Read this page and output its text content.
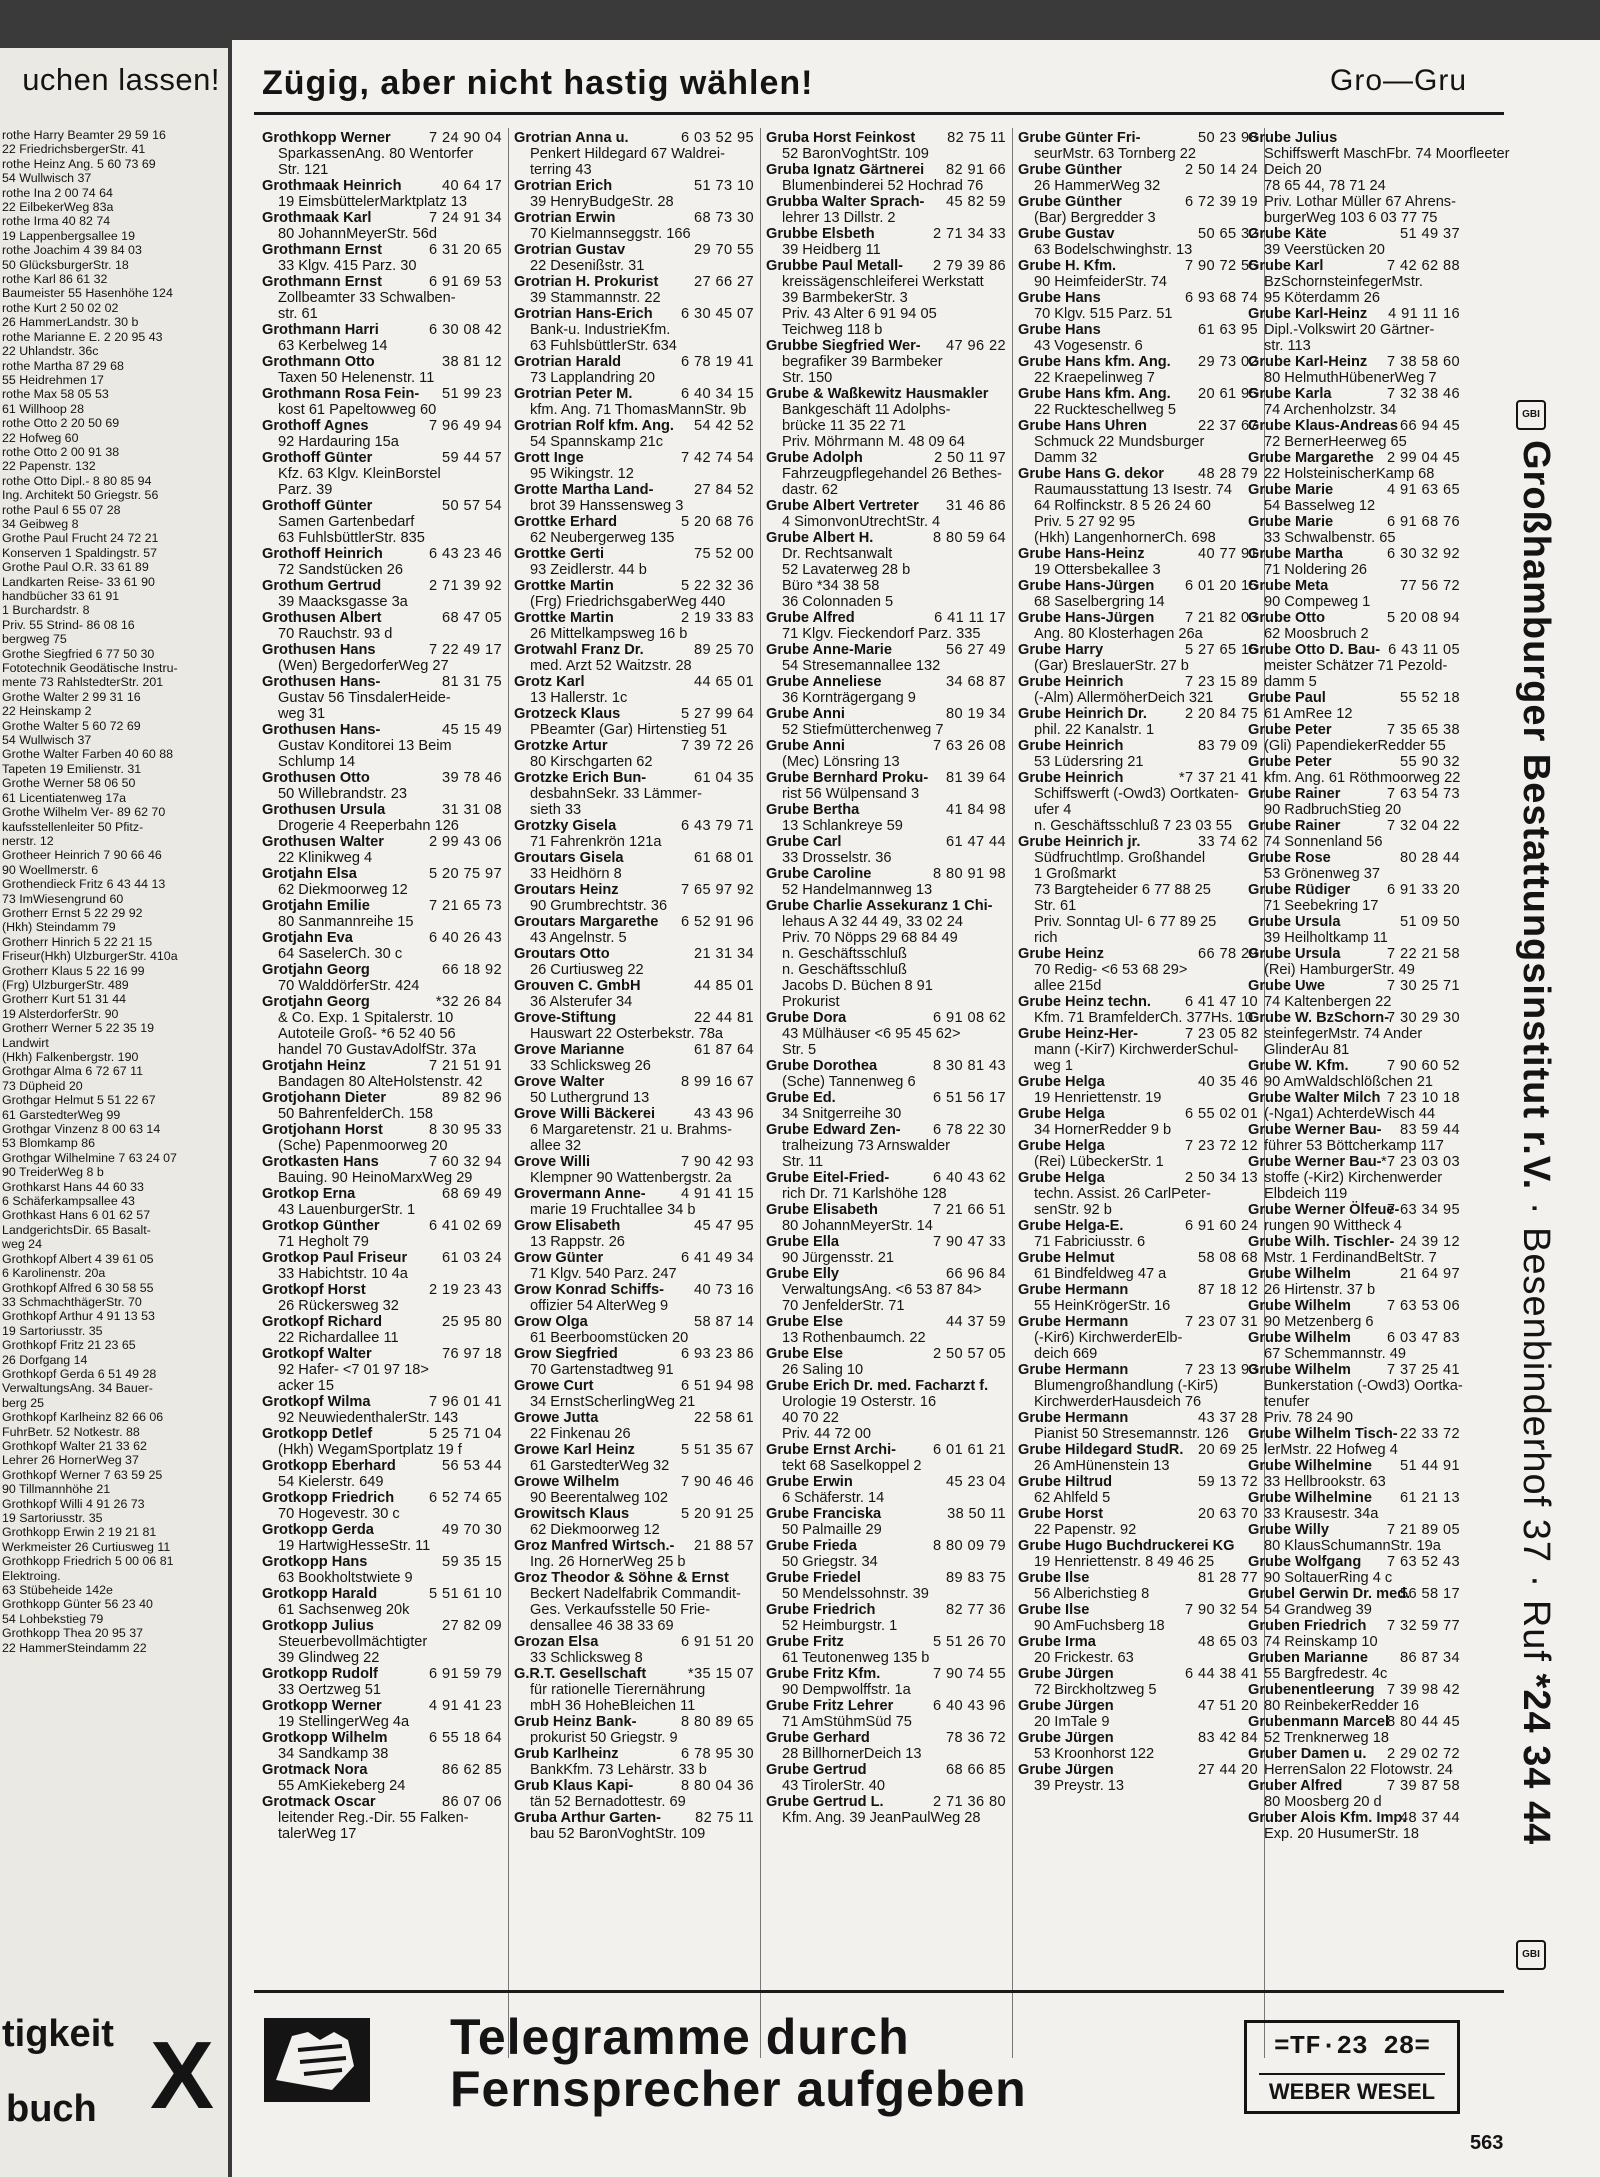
uchen lassen!
rothe Harry Beamter 29 59 16
22 FriedrichsbergerStr. 41
rothe Heinz Ang. 5 60 73 69
54 Wullwisch 37
rothe Ina 2 00 74 64
22 EilbekerWeg 83a
rothe Irma 40 82 74
19 Lappenbergsallee 19
rothe Joachim 4 39 84 03
50 GlücksburgerStr. 18
rothe Karl 86 61 32
Baumeister 55 Hasenhöhe 124
rothe Kurt 2 50 02 02
26 HammerLandstr. 30 b
rothe Marianne E. 2 20 95 43
22 Uhlandstr. 36c
rothe Martha 87 29 68
55 Heidrehmen 17
rothe Max 58 05 53
61 Willhoop 28
rothe Otto 2 20 50 69
22 Hofweg 60
rothe Otto 2 00 91 38
22 Papenstr. 132
rothe Otto Dipl.- 8 80 85 94
Ing. Architekt 50 Griegstr. 56
rothe Paul 6 55 07 28
34 Geibweg 8
Grothe Paul Frucht 24 72 21
Konserven 1 Spaldingstr. 57
Grothe Paul O.R. 33 61 89
Landkarten Reise- 33 61 90
handbücher 33 61 91
1 Burchardstr. 8
Priv. 55 Strind- 86 08 16
bergweg 75
Grothe Siegfried 6 77 50 30
Fototechnik Geodätische Instru-
mente 73 RahlstedterStr. 201
Grothe Walter 2 99 31 16
22 Heinskamp 2
Grothe Walter 5 60 72 69
54 Wullwisch 37
Grothe Walter Farben 40 60 88
Tapeten 19 Emilienstr. 31
Grothe Werner 58 06 50
61 Licentiatenweg 17a
Grothe Wilhelm Ver- 89 62 70
kaufsstellenleiter 50 Pfitz-
nerstr. 12
Grotheer Heinrich 7 90 66 46
90 Woellmerstr. 6
Grothendieck Fritz 6 43 44 13
73 ImWiesengrund 60
Grotherr Ernst 5 22 29 92
(Hkh) Steindamm 79
Grotherr Hinrich 5 22 21 15
Friseur(Hkh) UlzburgerStr. 410a
Grotherr Klaus 5 22 16 99
(Frg) UlzburgerStr. 489
Grotherr Kurt 51 31 44
19 AlsterdorferStr. 90
Grotherr Werner 5 22 35 19
Landwirt
(Hkh) Falkenbergstr. 190
Grothgar Alma 6 72 67 11
73 Düpheid 20
Grothgar Helmut 5 51 22 67
61 GarstedterWeg 99
Grothgar Vinzenz 8 00 63 14
53 Blomkamp 86
Grothgar Wilhelmine 7 63 24 07
90 TreiderWeg 8 b
Grothkarst Hans 44 60 33
6 Schäferkampsallee 43
Grothkast Hans 6 01 62 57
LandgerichtsDir. 65 Basalt-
weg 24
Grothkopf Albert 4 39 61 05
6 Karolinenstr. 20a
Grothkopf Alfred 6 30 58 55
33 SchmachthägerStr. 70
Grothkopf Arthur 4 91 13 53
19 Sartoriusstr. 35
Grothkopf Fritz 21 23 65
26 Dorfgang 14
Grothkopf Gerda 6 51 49 28
VerwaltungsAng. 34 Bauer-
berg 25
Grothkopf Karlheinz 82 66 06
FuhrBetr. 52 Notkestr. 88
Grothkopf Walter 21 33 62
Lehrer 26 HornerWeg 37
Grothkopf Werner 7 63 59 25
90 Tillmannhöhe 21
Grothkopf Willi 4 91 26 73
19 Sartoriusstr. 35
Grothkopp Erwin 2 19 21 81
Werkmeister 26 Curtiusweg 11
Grothkopp Friedrich 5 00 06 81
Elektroing.
63 Stübeheide 142e
Grothkopp Günter 56 23 40
54 Lohbekstieg 79
Grothkopp Thea 20 95 37
22 HammerSteindamm 22
tigkeit
buch X
Zügig, aber nicht hastig wählen!	Gro—Gru
7 24 90 04
Grothkopp Werner
SparkassenAng. 80 Wentorfer
Str. 121
40 64 17
Grothmaak Heinrich
19 EimsbüttelerMarktplatz 13
7 24 91 34
Grothmaak Karl
80 JohannMeyerStr. 56d
6 31 20 65
Grothmann Ernst
33 Klgv. 415 Parz. 30
6 91 69 53
Grothmann Ernst
Zollbeamter 33 Schwalben-
str. 61
6 30 08 42
Grothmann Harri
63 Kerbelweg 14
38 81 12
Grothmann Otto
Taxen 50 Helenenstr. 11
51 99 23
Grothmann Rosa Fein-
kost 61 Papeltowweg 60
7 96 49 94
Grothoff Agnes
92 Hardauring 15a
59 44 57
Grothoff Günter
Kfz. 63 Klgv. KleinBorstel
Parz. 39
50 57 54
Grothoff Günter
Samen Gartenbedarf
63 FuhlsbüttlerStr. 835
6 43 23 46
Grothoff Heinrich
72 Sandstücken 26
2 71 39 92
Grothum Gertrud
39 Maacksgasse 3a
68 47 05
Grothusen Albert
70 Rauchstr. 93 d
7 22 49 17
Grothusen Hans
(Wen) BergedorferWeg 27
81 31 75
Grothusen Hans-
Gustav 56 TinsdalerHeide-
weg 31
45 15 49
Grothusen Hans-
Gustav Konditorei 13 Beim
Schlump 14
39 78 46
Grothusen Otto
50 Willebrandstr. 23
31 31 08
Grothusen Ursula
Drogerie 4 Reeperbahn 126
2 99 43 06
Grothusen Walter
22 Klinikweg 4
5 20 75 97
Grotjahn Elsa
62 Diekmoorweg 12
7 21 65 73
Grotjahn Emilie
80 Sanmannreihe 15
6 40 26 43
Grotjahn Eva
64 SaselerCh. 30 c
66 18 92
Grotjahn Georg
70 WalddörferStr. 424
*32 26 84
Grotjahn Georg
& Co. Exp. 1 Spitalerstr. 10
Autoteile Groß- *6 52 40 56
handel 70 GustavAdolfStr. 37a
7 21 51 91
Grotjahn Heinz
Bandagen 80 AlteHolstenstr. 42
89 82 96
Grotjohann Dieter
50 BahrenfelderCh. 158
8 30 95 33
Grotjohann Horst
(Sche) Papenmoorweg 20
7 60 32 94
Grotkasten Hans
Bauing. 90 HeinoMarxWeg 29
68 69 49
Grotkop Erna
43 LauenburgerStr. 1
6 41 02 69
Grotkop Günther
71 Hegholt 79
61 03 24
Grotkop Paul Friseur
33 Habichtstr. 10 4a
2 19 23 43
Grotkopf Horst
26 Rückersweg 32
25 95 80
Grotkopf Richard
22 Richardallee 11
76 97 18
Grotkopf Walter
92 Hafer- <7 01 97 18>
acker 15
7 96 01 41
Grotkopf Wilma
92 NeuwiedenthalerStr. 143
5 25 71 04
Grotkopp Detlef
(Hkh) WegamSportplatz 19 f
56 53 44
Grotkopp Eberhard
54 Kielerstr. 649
6 52 74 65
Grotkopp Friedrich
70 Hogevestr. 30 c
49 70 30
Grotkopp Gerda
19 HartwigHesseStr. 11
59 35 15
Grotkopp Hans
63 Bookholtstwiete 9
5 51 61 10
Grotkopp Harald
61 Sachsenweg 20k
27 82 09
Grotkopp Julius
Steuerbevollmächtigter
39 Glindweg 22
6 91 59 79
Grotkopp Rudolf
33 Oertzweg 51
4 91 41 23
Grotkopp Werner
19 StellingerWeg 4a
6 55 18 64
Grotkopp Wilhelm
34 Sandkamp 38
86 62 85
Grotmack Nora
55 AmKiekeberg 24
86 07 06
Grotmack Oscar
leitender Reg.-Dir. 55 Falken-
talerWeg 17
6 03 52 95
Grotrian Anna u.
Penkert Hildegard 67 Waldrei-
terring 43
51 73 10
Grotrian Erich
39 HenryBudgeStr. 28
68 73 30
Grotrian Erwin
70 Kielmannseggstr. 166
29 70 55
Grotrian Gustav
22 Desenißstr. 31
27 66 27
Grotrian H. Prokurist
39 Stammannstr. 22
6 30 45 07
Grotrian Hans-Erich
Bank-u. IndustrieKfm.
63 FuhlsbüttlerStr. 634
6 78 19 41
Grotrian Harald
73 Lapplandring 20
6 40 34 15
Grotrian Peter M.
kfm. Ang. 71 ThomasMannStr. 9b
54 42 52
Grotrian Rolf kfm. Ang.
54 Spannskamp 21c
7 42 74 54
Grott Inge
95 Wikingstr. 12
27 84 52
Grotte Martha Land-
brot 39 Hanssensweg 3
5 20 68 76
Grottke Erhard
62 Neubergerweg 135
75 52 00
Grottke Gerti
93 Zeidlerstr. 44 b
5 22 32 36
Grottke Martin
(Frg) FriedrichsgaberWeg 440
2 19 33 83
Grottke Martin
26 Mittelkampsweg 16 b
89 25 70
Grotwahl Franz Dr.
med. Arzt 52 Waitzstr. 28
44 65 01
Grotz Karl
13 Hallerstr. 1c
5 27 99 64
Grotzeck Klaus
PBeamter (Gar) Hirtenstieg 51
7 39 72 26
Grotzke Artur
80 Kirschgarten 62
61 04 35
Grotzke Erich Bun-
desbahnSekr. 33 Lämmer-
sieth 33
6 43 79 71
Grotzky Gisela
71 Fahrenkrön 121a
61 68 01
Groutars Gisela
33 Heidhörn 8
7 65 97 92
Groutars Heinz
90 Grumbrechtstr. 36
6 52 91 96
Groutars Margarethe
43 Angelnstr. 5
21 31 34
Groutars Otto
26 Curtiusweg 22
44 85 01
Grouven C. GmbH
36 Alsterufer 34
22 44 81
Grove-Stiftung
Hauswart 22 Osterbekstr. 78a
61 87 64
Grove Marianne
33 Schlicksweg 26
8 99 16 67
Grove Walter
50 Luthergrund 13
43 43 96
Grove Willi Bäckerei
6 Margaretenstr. 21 u. Brahms-
allee 32
7 90 42 93
Grove Willi
Klempner 90 Wattenbergstr. 2a
4 91 41 15
Grovermann Anne-
marie 19 Fruchtallee 34 b
45 47 95
Grow Elisabeth
13 Rappstr. 26
6 41 49 34
Grow Günter
71 Klgv. 540 Parz. 247
40 73 16
Grow Konrad Schiffs-
offizier 54 AlterWeg 9
58 87 14
Grow Olga
61 Beerboomstücken 20
6 93 23 86
Grow Siegfried
70 Gartenstadtweg 91
6 51 94 98
Growe Curt
34 ErnstScherlingWeg 21
22 58 61
Growe Jutta
22 Finkenau 26
5 51 35 67
Growe Karl Heinz
61 GarstedterWeg 32
7 90 46 46
Growe Wilhelm
90 Beerentalweg 102
5 20 91 25
Growitsch Klaus
62 Diekmoorweg 12
21 88 57
Groz Manfred Wirtsch.-
Ing. 26 HornerWeg 25 b
Groz Theodor & Söhne & Ernst
Beckert Nadelfabrik Commandit-
Ges. Verkaufsstelle 50 Frie-
densallee 46 38 33 69
6 91 51 20
Grozan Elsa
33 Schlicksweg 8
*35 15 07
G.R.T. Gesellschaft
für rationelle Tierernährung
mbH 36 HoheBleichen 11
8 80 89 65
Grub Heinz Bank-
prokurist 50 Griegstr. 9
6 78 95 30
Grub Karlheinz
BankKfm. 73 Lehärstr. 33 b
8 80 04 36
Grub Klaus Kapi-
tän 52 Bernadottestr. 69
82 75 11
Gruba Arthur Garten-
bau 52 BaronVoghtStr. 109
82 75 11
Gruba Horst Feinkost
52 BaronVoghtStr. 109
82 91 66
Gruba Ignatz Gärtnerei
Blumenbinderei 52 Hochrad 76
45 82 59
Grubba Walter Sprach-
lehrer 13 Dillstr. 2
2 71 34 33
Grubbe Elsbeth
39 Heidberg 11
2 79 39 86
Grubbe Paul Metall-
kreissägenschleiferei Werkstatt
39 BarmbekerStr. 3
Priv. 43 Alter 6 91 94 05
Teichweg 118 b
47 96 22
Grubbe Siegfried Wer-
begrafiker 39 Barmbeker
Str. 150
Grube & Waßkewitz Hausmakler
Bankgeschäft 11 Adolphs-
brücke 11 35 22 71
Priv. Möhrmann M. 48 09 64
2 50 11 97
Grube Adolph
Fahrzeugpflegehandel 26 Bethes-
dastr. 62
31 46 86
Grube Albert Vertreter
4 SimonvonUtrechtStr. 4
8 80 59 64
Grube Albert H.
Dr. Rechtsanwalt
52 Lavaterweg 28 b
Büro *34 38 58
36 Colonnaden 5
6 41 11 17
Grube Alfred
71 Klgv. Fieckendorf Parz. 335
56 27 49
Grube Anne-Marie
54 Stresemannallee 132
34 68 87
Grube Anneliese
36 Kornträgergang 9
80 19 34
Grube Anni
52 Stiefmütterchenweg 7
7 63 26 08
Grube Anni
(Mec) Lönsring 13
81 39 64
Grube Bernhard Proku-
rist 56 Wülpensand 3
41 84 98
Grube Bertha
13 Schlankreye 59
61 47 44
Grube Carl
33 Drosselstr. 36
8 80 91 98
Grube Caroline
52 Handelmannweg 13
Grube Charlie Assekuranz 1 Chi-
lehaus A 32 44 49, 33 02 24
Priv. 70 Nöpps 29 68 84 49
n. Geschäftsschluß
n. Geschäftsschluß
Jacobs D. Büchen 8 91
Prokurist
6 91 08 62
Grube Dora
43 Mülhäuser <6 95 45 62>
Str. 5
8 30 81 43
Grube Dorothea
(Sche) Tannenweg 6
6 51 56 17
Grube Ed.
34 Snitgerreihe 30
6 78 22 30
Grube Edward Zen-
tralheizung 73 Arnswalder
Str. 11
6 40 43 62
Grube Eitel-Fried-
rich Dr. 71 Karlshöhe 128
7 21 66 51
Grube Elisabeth
80 JohannMeyerStr. 14
7 90 47 33
Grube Ella
90 Jürgensstr. 21
66 96 84
Grube Elly
VerwaltungsAng. <6 53 87 84>
70 JenfelderStr. 71
44 37 59
Grube Else
13 Rothenbaumch. 22
2 50 57 05
Grube Else
26 Saling 10
Grube Erich Dr. med. Facharzt f.
Urologie 19 Osterstr. 16
40 70 22
Priv. 44 72 00
6 01 61 21
Grube Ernst Archi-
tekt 68 Saselkoppel 2
45 23 04
Grube Erwin
6 Schäferstr. 14
38 50 11
Grube Franciska
50 Palmaille 29
8 80 09 79
Grube Frieda
50 Griegstr. 34
89 83 75
Grube Friedel
50 Mendelssohnstr. 39
82 77 36
Grube Friedrich
52 Heimburgstr. 1
5 51 26 70
Grube Fritz
61 Teutonenweg 135 b
7 90 74 55
Grube Fritz Kfm.
90 Dempwolffstr. 1a
6 40 43 96
Grube Fritz Lehrer
71 AmStühmSüd 75
78 36 72
Grube Gerhard
28 BillhornerDeich 13
68 66 85
Grube Gertrud
43 TirolerStr. 40
2 71 36 80
Grube Gertrud L.
Kfm. Ang. 39 JeanPaulWeg 28
50 23 98
Grube Günter Fri-
seurMstr. 63 Tornberg 22
2 50 14 24
Grube Günther
26 HammerWeg 32
6 72 39 19
Grube Günther
(Bar) Bergredder 3
50 65 32
Grube Gustav
63 Bodelschwinghstr. 13
7 90 72 55
Grube H. Kfm.
90 HeimfeiderStr. 74
6 93 68 74
Grube Hans
70 Klgv. 515 Parz. 51
61 63 95
Grube Hans
43 Vogesenstr. 6
29 73 02
Grube Hans kfm. Ang.
22 Kraepelinweg 7
20 61 95
Grube Hans kfm. Ang.
22 Ruckteschellweg 5
22 37 67
Grube Hans Uhren
Schmuck 22 Mundsburger
Damm 32
48 28 79
Grube Hans G. dekor
Raumausstattung 13 Isestr. 74
64 Rolfinckstr. 8 5 26 24 60
Priv. 5 27 92 95
(Hkh) LangenhornerCh. 698
40 77 91
Grube Hans-Heinz
19 Ottersbekallee 3
6 01 20 15
Grube Hans-Jürgen
68 Saselbergring 14
7 21 82 03
Grube Hans-Jürgen
Ang. 80 Klosterhagen 26a
5 27 65 15
Grube Harry
(Gar) BreslauerStr. 27 b
7 23 15 89
Grube Heinrich
(-Alm) AllermöherDeich 321
2 20 84 75
Grube Heinrich Dr.
phil. 22 Kanalstr. 1
83 79 09
Grube Heinrich
53 Lüdersring 21
*7 37 21 41
Grube Heinrich
Schiffswerft (-Owd3) Oortkaten-
ufer 4
n. Geschäftsschluß 7 23 03 55
33 74 62
Grube Heinrich jr.
Südfruchtlmp. Großhandel
1 Großmarkt
73 Bargteheider 6 77 88 25
Str. 61
Priv. Sonntag Ul- 6 77 89 25
rich
66 78 29
Grube Heinz
70 Redig- <6 53 68 29>
allee 215d
6 41 47 10
Grube Heinz techn.
Kfm. 71 BramfelderCh. 377Hs. 10
7 23 05 82
Grube Heinz-Her-
mann (-Kir7) KirchwerderSchul-
weg 1
40 35 46
Grube Helga
19 Henriettenstr. 19
6 55 02 01
Grube Helga
34 HornerRedder 9 b
7 23 72 12
Grube Helga
(Rei) LübeckerStr. 1
2 50 34 13
Grube Helga
techn. Assist. 26 CarlPeter-
senStr. 92 b
6 91 60 24
Grube Helga-E.
71 Fabriciusstr. 6
58 08 68
Grube Helmut
61 Bindfeldweg 47 a
87 18 12
Grube Hermann
55 HeinKrögerStr. 16
7 23 07 31
Grube Hermann
(-Kir6) KirchwerderElb-
deich 669
7 23 13 93
Grube Hermann
Blumengroßhandlung (-Kir5)
KirchwerderHausdeich 76
43 37 28
Grube Hermann
Pianist 50 Stresemannstr. 126
20 69 25
Grube Hildegard StudR.
26 AmHünenstein 13
59 13 72
Grube Hiltrud
62 Ahlfeld 5
20 63 70
Grube Horst
22 Papenstr. 92
Grube Hugo Buchdruckerei KG
19 Henriettenstr. 8 49 46 25
81 28 77
Grube Ilse
56 Alberichstieg 8
7 90 32 54
Grube Ilse
90 AmFuchsberg 18
48 65 03
Grube Irma
20 Frickestr. 63
6 44 38 41
Grube Jürgen
72 Birckholtzweg 5
47 51 20
Grube Jürgen
20 ImTale 9
83 42 84
Grube Jürgen
53 Kroonhorst 122
27 44 20
Grube Jürgen
39 Preystr. 13
Grube Julius
Schiffswerft MaschFbr. 74 Moorfleeter
Deich 20
78 65 44, 78 71 24
Priv. Lothar Müller 67 Ahrens-
burgerWeg 103 6 03 77 75
51 49 37
Grube Käte
39 Veerstücken 20
7 42 62 88
Grube Karl
BzSchornsteinfegerMstr.
95 Köterdamm 26
4 91 11 16
Grube Karl-Heinz
Dipl.-Volkswirt 20 Gärtner-
str. 113
7 38 58 60
Grube Karl-Heinz
80 HelmuthHübenerWeg 7
7 32 38 46
Grube Karla
74 Archenholzstr. 34
66 94 45
Grube Klaus-Andreas
72 BernerHeerweg 65
2 99 04 45
Grube Margarethe
22 HolsteinischerKamp 68
4 91 63 65
Grube Marie
54 Basselweg 12
6 91 68 76
Grube Marie
33 Schwalbenstr. 65
6 30 32 92
Grube Martha
71 Noldering 26
77 56 72
Grube Meta
90 Compeweg 1
5 20 08 94
Grube Otto
62 Moosbruch 2
6 43 11 05
Grube Otto D. Bau-
meister Schätzer 71 Pezold-
damm 5
55 52 18
Grube Paul
61 AmRee 12
7 35 65 38
Grube Peter
(Gli) PapendiekerRedder 55
55 90 32
Grube Peter
kfm. Ang. 61 Röthmoorweg 22
7 63 54 73
Grube Rainer
90 RadbruchStieg 20
7 32 04 22
Grube Rainer
74 Sonnenland 56
80 28 44
Grube Rose
53 Grönenweg 37
6 91 33 20
Grube Rüdiger
71 Seebekring 17
51 09 50
Grube Ursula
39 Heilholtkamp 11
7 22 21 58
Grube Ursula
(Rei) HamburgerStr. 49
7 30 25 71
Grube Uwe
74 Kaltenbergen 22
7 30 29 30
Grube W. BzSchorn-
steinfegerMstr. 74 Ander
GlinderAu 81
7 90 60 52
Grube W. Kfm.
90 AmWaldschlößchen 21
7 23 10 18
Grube Walter Milch
(-Nga1) AchterdeWisch 44
83 59 44
Grube Werner Bau-
führer 53 Böttcherkamp 117
*7 23 03 03
Grube Werner Bau-
stoffe (-Kir2) Kirchenwerder
Elbdeich 119
7 63 34 95
Grube Werner Ölfeue-
rungen 90 Wittheck 4
24 39 12
Grube Wilh. Tischler-
Mstr. 1 FerdinandBeltStr. 7
21 64 97
Grube Wilhelm
26 Hirtenstr. 37 b
7 63 53 06
Grube Wilhelm
90 Metzenberg 6
6 03 47 83
Grube Wilhelm
67 Schemmannstr. 49
7 37 25 41
Grube Wilhelm
Bunkerstation (-Owd3) Oortka-
tenufer
Priv. 78 24 90
22 33 72
Grube Wilhelm Tisch-
lerMstr. 22 Hofweg 4
51 44 91
Grube Wilhelmine
33 Hellbrookstr. 63
61 21 13
Grube Wilhelmine
33 Krausestr. 34a
7 21 89 05
Grube Willy
80 KlausSchumannStr. 19a
7 63 52 43
Grube Wolfgang
90 SoltauerRing 4 c
56 58 17
Grubel Gerwin Dr. med.
54 Grandweg 39
7 32 59 77
Gruben Friedrich
74 Reinskamp 10
86 87 34
Gruben Marianne
55 Bargfredestr. 4c
7 39 98 42
Grubenentleerung
80 ReinbekerRedder 16
8 80 44 45
Grubenmann Marcel
52 Trenknerweg 18
2 29 02 72
Gruber Damen u.
HerrenSalon 22 Flotowstr. 24
7 39 87 58
Gruber Alfred
80 Moosberg 20 d
48 37 44
Gruber Alois Kfm. Imp.
Exp. 20 HusumerStr. 18
GBI
Großhamburger Bestattungsinstitut r.V. · Besenbinderhof 37 · Ruf *24 34 44
GBI
Telegramme durch
Fernsprecher aufgeben
=TF·23 28=
WEBER WESEL
563
